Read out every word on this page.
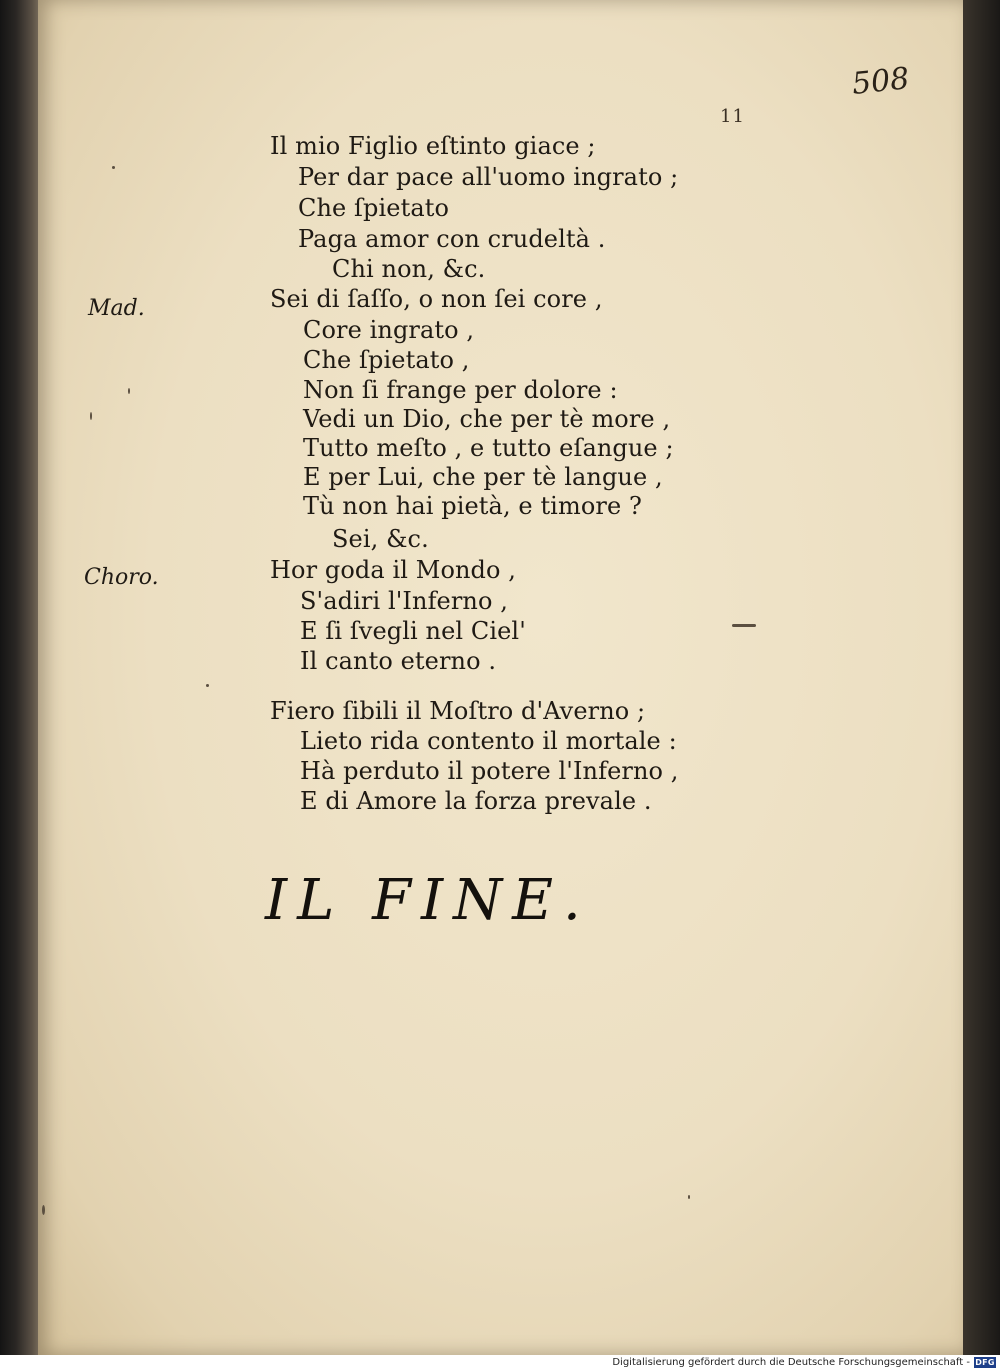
508
11
Mad.
Choro.
Il mio Figlio eſtinto giace ;
Per dar pace all'uomo ingrato ;
Che ſpietato
Paga amor con crudeltà .
Chi non, &c.
Sei di ſaſſo, o non ſei core ,
Core ingrato ,
Che ſpietato ,
Non ſi frange per dolore :
Vedi un Dio, che per tè more ,
Tutto meſto , e tutto eſangue ;
E per Lui, che per tè langue ,
Tù non hai pietà, e timore ?
Sei, &c.
Hor goda il Mondo ,
S'adiri l'Inferno ,
E ſi ſvegli nel Ciel'
Il canto eterno .
Fiero ſibili il Moſtro d'Averno ;
Lieto rida contento il mortale :
Hà perduto il potere l'Inferno ,
E di Amore la forza prevale .
IL FINE.
Digitalisierung gefördert durch die Deutsche Forschungsgemeinschaft - DFG
